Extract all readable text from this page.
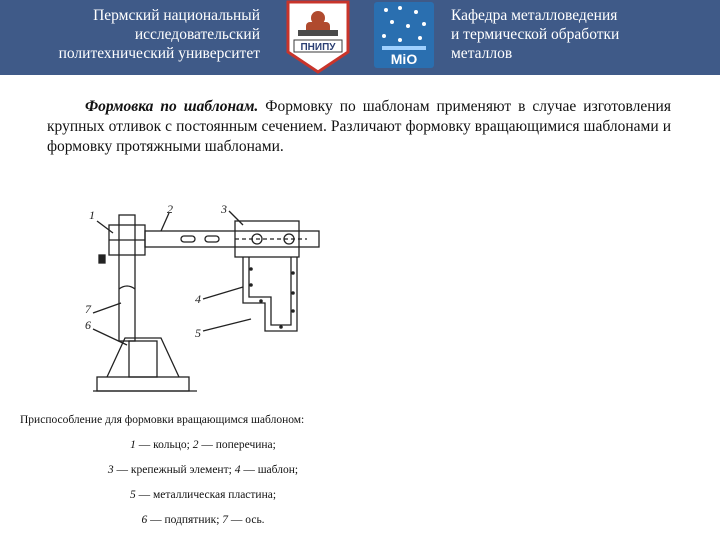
Пермский национальный
исследовательский
политехнический университет	ПНИПУ
МiO
Кафедра металловедения
и термической обработки
металлов
Формовка по шаблонам. Формовку по шаблонам применяют в случае изготовления крупных отливок с постоянным сечением. Различают формовку вращающимися шаблонами и формовку протяжными шаблонами.
1	2	3
4
5
6
7
Приспособление для формовки вращающимся шаблоном:
1 — кольцо; 2 — поперечина;
3 — крепежный элемент; 4 — шаблон;
5 — металлическая пластина;
6 — подпятник; 7 — ось.
